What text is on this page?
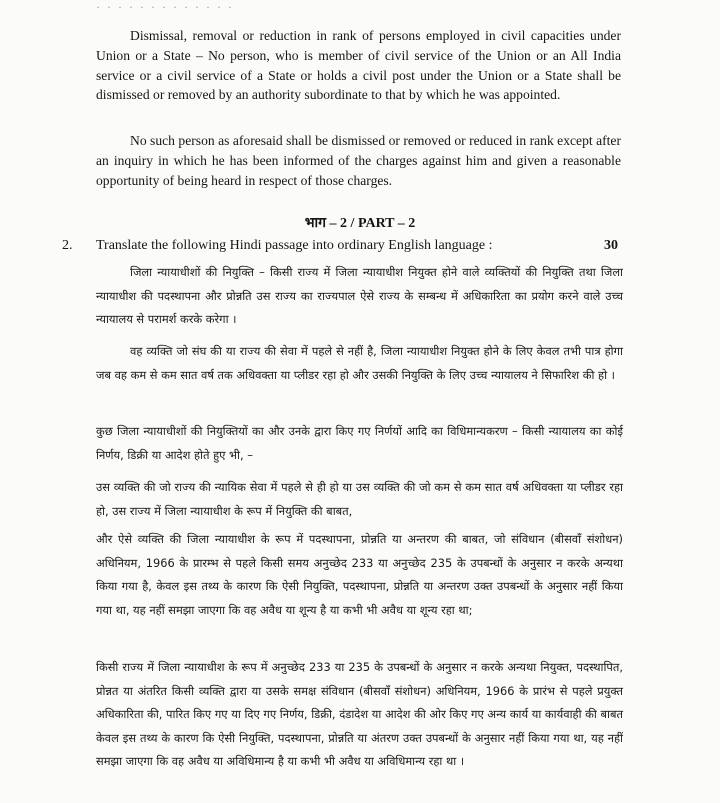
· · · · · · · · · · · · ·

Dismissal, removal or reduction in rank of persons employed in civil capacities under Union or a State – No person, who is member of civil service of the Union or an All India service or a civil service of a State or holds a civil post under the Union or a State shall be dismissed or removed by an authority subordinate to that by which he was appointed.

No such person as aforesaid shall be dismissed or removed or reduced in rank except after an inquiry in which he has been informed of the charges against him and given a reasonable opportunity of being heard in respect of those charges.

भाग – 2 / PART – 2
2. Translate the following Hindi passage into ordinary English language :	30

जिला न्यायाधीशों की नियुक्ति – किसी राज्य में जिला न्यायाधीश नियुक्त होने वाले व्यक्तियों की नियुक्ति तथा जिला न्यायाधीश की पदस्थापना और प्रोन्नति उस राज्य का राज्यपाल ऐसे राज्य के सम्बन्ध में अधिकारिता का प्रयोग करने वाले उच्च न्यायालय से परामर्श करके करेगा ।

वह व्यक्ति जो संघ की या राज्य की सेवा में पहले से नहीं है, जिला न्यायाधीश नियुक्त होने के लिए केवल तभी पात्र होगा जब वह कम से कम सात वर्ष तक अधिवक्ता या प्लीडर रहा हो और उसकी नियुक्ति के लिए उच्च न्यायालय ने सिफारिश की हो ।

कुछ जिला न्यायाधीशों की नियुक्तियों का और उनके द्वारा किए गए निर्णयों आदि का विधिमान्यकरण – किसी न्यायालय का कोई निर्णय, डिक्री या आदेश होते हुए भी, –

उस व्यक्ति की जो राज्य की न्यायिक सेवा में पहले से ही हो या उस व्यक्ति की जो कम से कम सात वर्ष अधिवक्ता या प्लीडर रहा हो, उस राज्य में जिला न्यायाधीश के रूप में नियुक्ति की बाबत,

और ऐसे व्यक्ति की जिला न्यायाधीश के रूप में पदस्थापना, प्रोन्नति या अन्तरण की बाबत, जो संविधान (बीसवाँ संशोधन) अधिनियम, 1966 के प्रारम्भ से पहले किसी समय अनुच्छेद 233 या अनुच्छेद 235 के उपबन्धों के अनुसार न करके अन्यथा किया गया है, केवल इस तथ्य के कारण कि ऐसी नियुक्ति, पदस्थापना, प्रोन्नति या अन्तरण उक्त उपबन्धों के अनुसार नहीं किया गया था, यह नहीं समझा जाएगा कि वह अवैध या शून्य है या कभी भी अवैध या शून्य रहा था;

किसी राज्य में जिला न्यायाधीश के रूप में अनुच्छेद 233 या 235 के उपबन्धों के अनुसार न करके अन्यथा नियुक्त, पदस्थापित, प्रोन्नत या अंतरित किसी व्यक्ति द्वारा या उसके समक्ष संविधान (बीसवाँ संशोधन) अधिनियम, 1966 के प्रारंभ से पहले प्रयुक्त अधिकारिता की, पारित किए गए या दिए गए निर्णय, डिक्री, दंडादेश या आदेश की ओर किए गए अन्य कार्य या कार्यवाही की बाबत केवल इस तथ्य के कारण कि ऐसी नियुक्ति, पदस्थापना, प्रोन्नति या अंतरण उक्त उपबन्धों के अनुसार नहीं किया गया था, यह नहीं समझा जाएगा कि वह अवैध या अविधिमान्य है या कभी भी अवैध या अविधिमान्य रहा था ।
